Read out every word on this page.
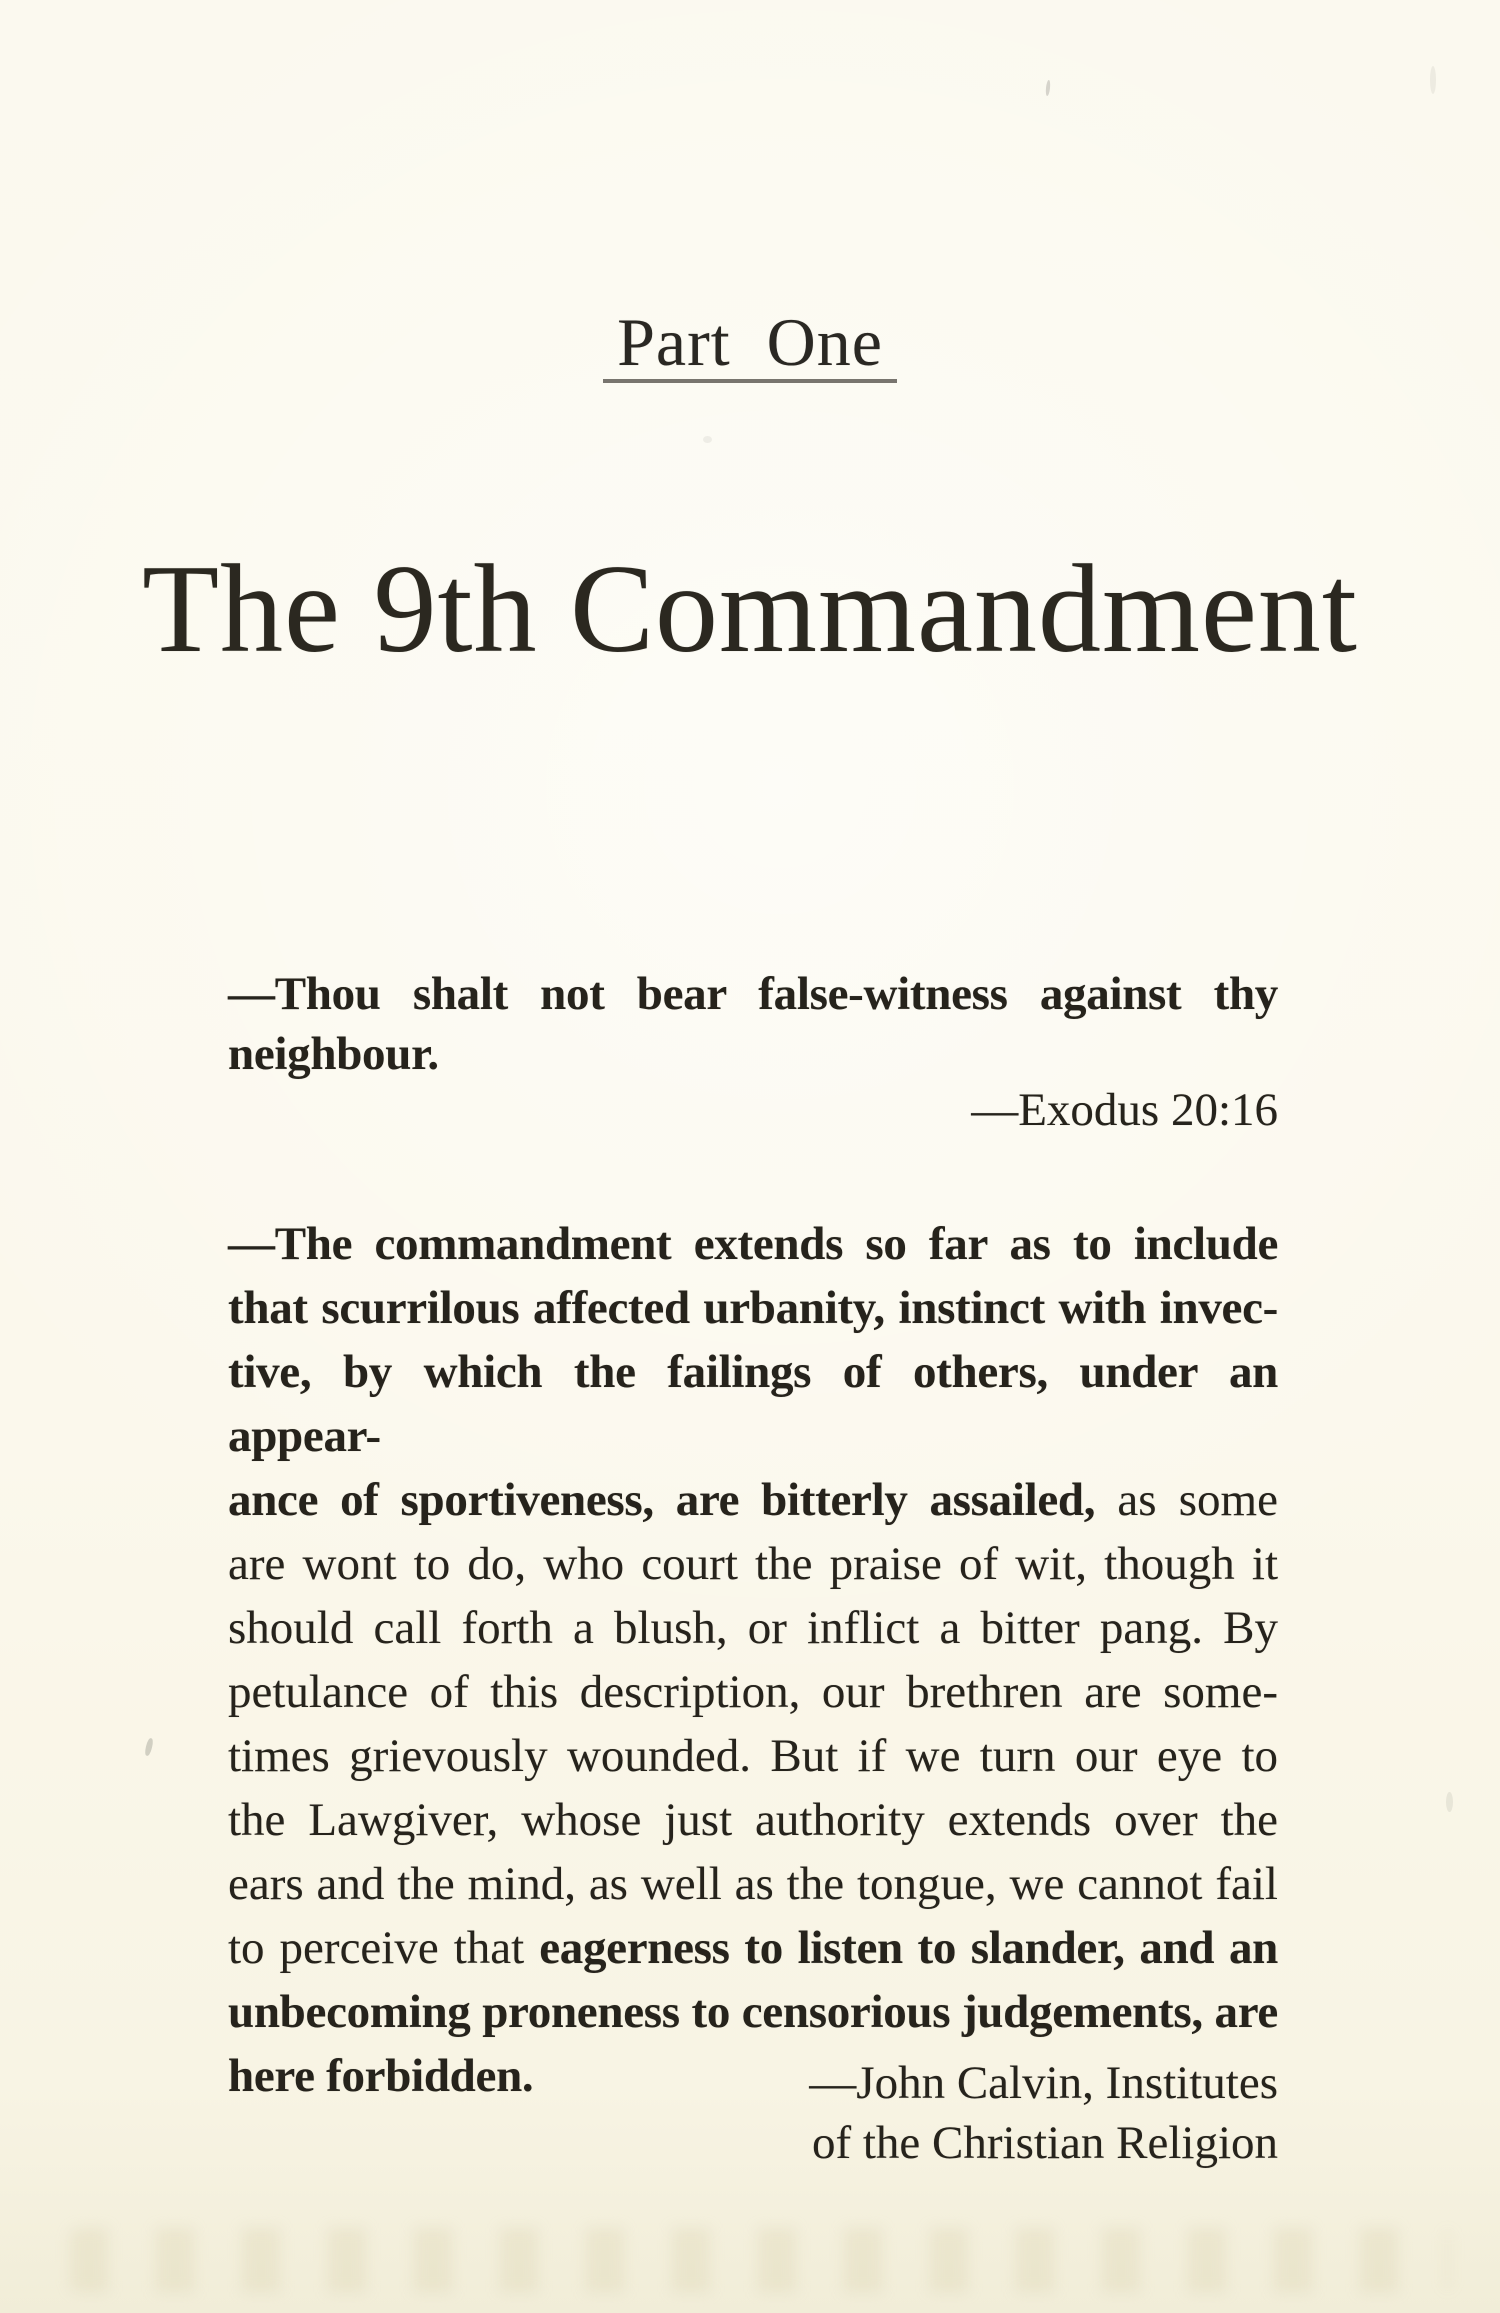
Part One
The 9th Commandment
—Thou shalt not bear false-witness against thy
neighbour.
—Exodus 20:16
—The commandment extends so far as to include
that scurrilous affected urbanity, instinct with invec-
tive, by which the failings of others, under an appear-
ance of sportiveness, are bitterly assailed, as some
are wont to do, who court the praise of wit, though it
should call forth a blush, or inflict a bitter pang. By
petulance of this description, our brethren are some-
times grievously wounded. But if we turn our eye to
the Lawgiver, whose just authority extends over the
ears and the mind, as well as the tongue, we cannot fail
to perceive that eagerness to listen to slander, and an
unbecoming proneness to censorious judgements, are
here forbidden.	—John Calvin, Institutes
of the Christian Religion
